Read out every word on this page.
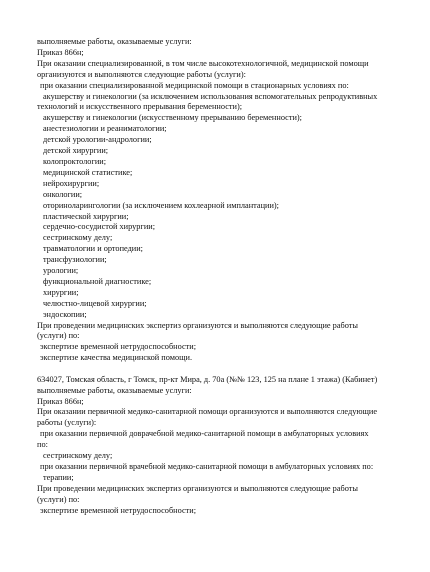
выполняемые работы, оказываемые услуги:
Приказ 866н;
При оказании специализированной, в том числе высокотехнологичной, медицинской помощи
организуются и выполняются следующие работы (услуги):
при оказании специализированной медицинской помощи в стационарных условиях по:
акушерству и гинекологии (за исключением использования вспомогательных репродуктивных
технологий и искусственного прерывания беременности);
акушерству и гинекологии (искусственному прерыванию беременности);
анестезиологии и реаниматологии;
детской урологии-андрологии;
детской хирургии;
колопроктологии;
медицинской статистике;
нейрохирургии;
онкологии;
оториноларингологии (за исключением кохлеарной имплантации);
пластической хирургии;
сердечно-сосудистой хирургии;
сестринскому делу;
травматологии и ортопедии;
трансфузиологии;
урологии;
функциональной диагностике;
хирургии;
челюстно-лицевой хирургии;
эндоскопии;
При проведении медицинских экспертиз организуются и выполняются следующие работы
(услуги) по:
экспертизе временной нетрудоспособности;
экспертизе качества медицинской помощи.
634027, Томская область, г Томск, пр-кт Мира, д. 70а (№№ 123, 125 на плане 1 этажа) (Кабинет)
выполняемые работы, оказываемые услуги:
Приказ 866н;
При оказании первичной медико-санитарной помощи организуются и выполняются следующие
работы (услуги):
при оказании первичной доврачебной медико-санитарной помощи в амбулаторных условиях
по:
сестринскому делу;
при оказании первичной врачебной медико-санитарной помощи в амбулаторных условиях по:
терапии;
При проведении медицинских экспертиз организуются и выполняются следующие работы
(услуги) по:
экспертизе временной нетрудоспособности;
